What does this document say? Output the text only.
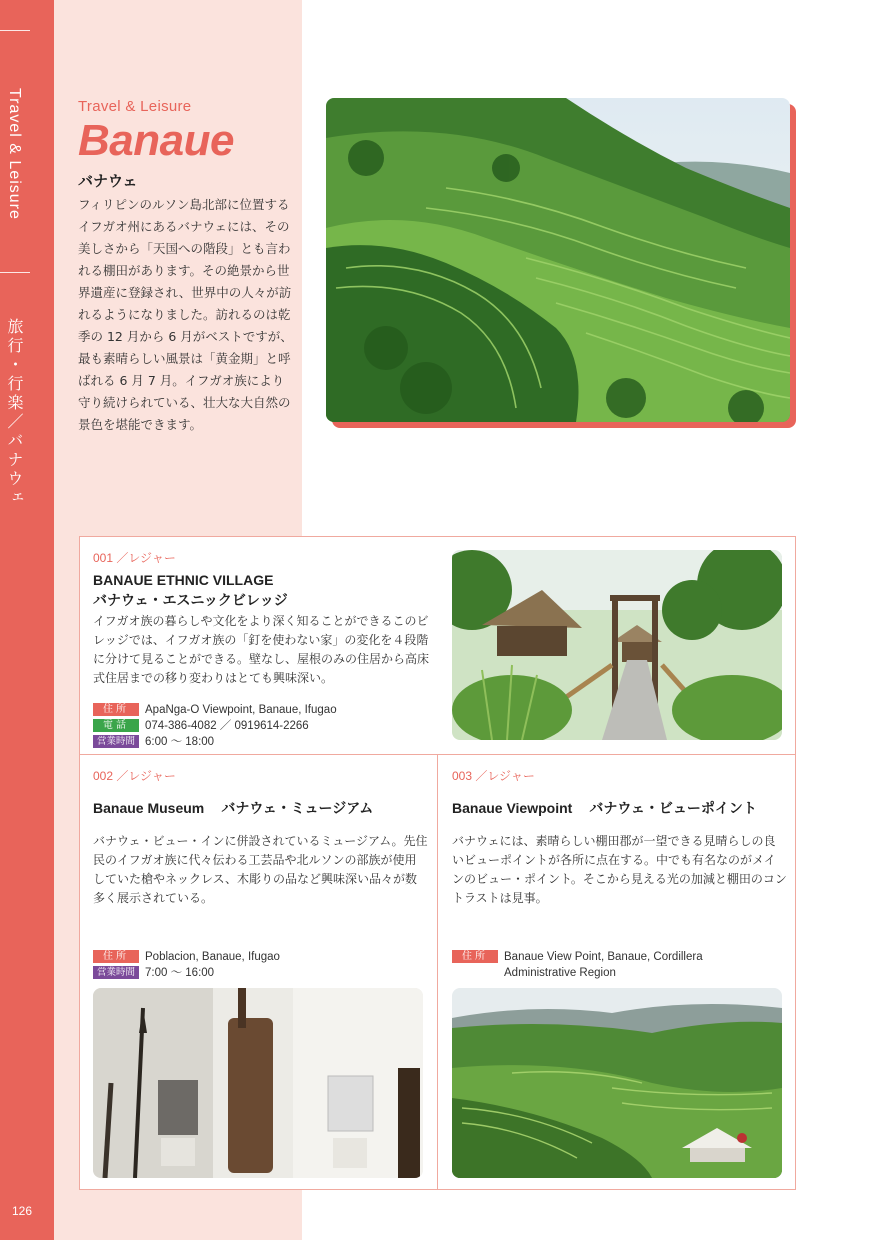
Travel & Leisure
旅行・行楽／バナウェ
126
Travel & Leisure
Banaue
バナウェ
フィリピンのルソン島北部に位置するイフガオ州にあるバナウェには、その美しさから「天国への階段」とも言われる棚田があります。その絶景から世界遺産に登録され、世界中の人々が訪れるようになりました。訪れるのは乾季の 12 月から 6 月がベストですが、最も素晴らしい風景は「黄金期」と呼ばれる 6 月 7 月。イフガオ族により守り続けられている、壮大な大自然の景色を堪能できます。
001 ／レジャー
BANAUE ETHNIC VILLAGE
バナウェ・エスニックビレッジ
イフガオ族の暮らしや文化をより深く知ることができるこのビレッジでは、イフガオ族の「釘を使わない家」の変化を４段階に分けて見ることができる。壁なし、屋根のみの住居から高床式住居までの移り変わりはとても興味深い。
住所	ApaNga-O Viewpoint, Banaue, Ifugao
電話	074-386-4082 ／ 0919614-2266
営業時間 6:00 〜 18:00
002 ／レジャー
Banaue Museum バナウェ・ミュージアム
バナウェ・ビュー・インに併設されているミュージアム。先住民のイフガオ族に代々伝わる工芸品や北ルソンの部族が使用していた槍やネックレス、木彫りの品など興味深い品々が数多く展示されている。
住所	Poblacion, Banaue, Ifugao
営業時間 7:00 〜 16:00
003 ／レジャー
Banaue Viewpoint バナウェ・ビューポイント
バナウェには、素晴らしい棚田郡が一望できる見晴らしの良いビューポイントが各所に点在する。中でも有名なのがメインのビュー・ポイント。そこから見える光の加減と棚田のコントラストは見事。
住所	Banaue View Point, Banaue, Cordillera
Administrative Region
